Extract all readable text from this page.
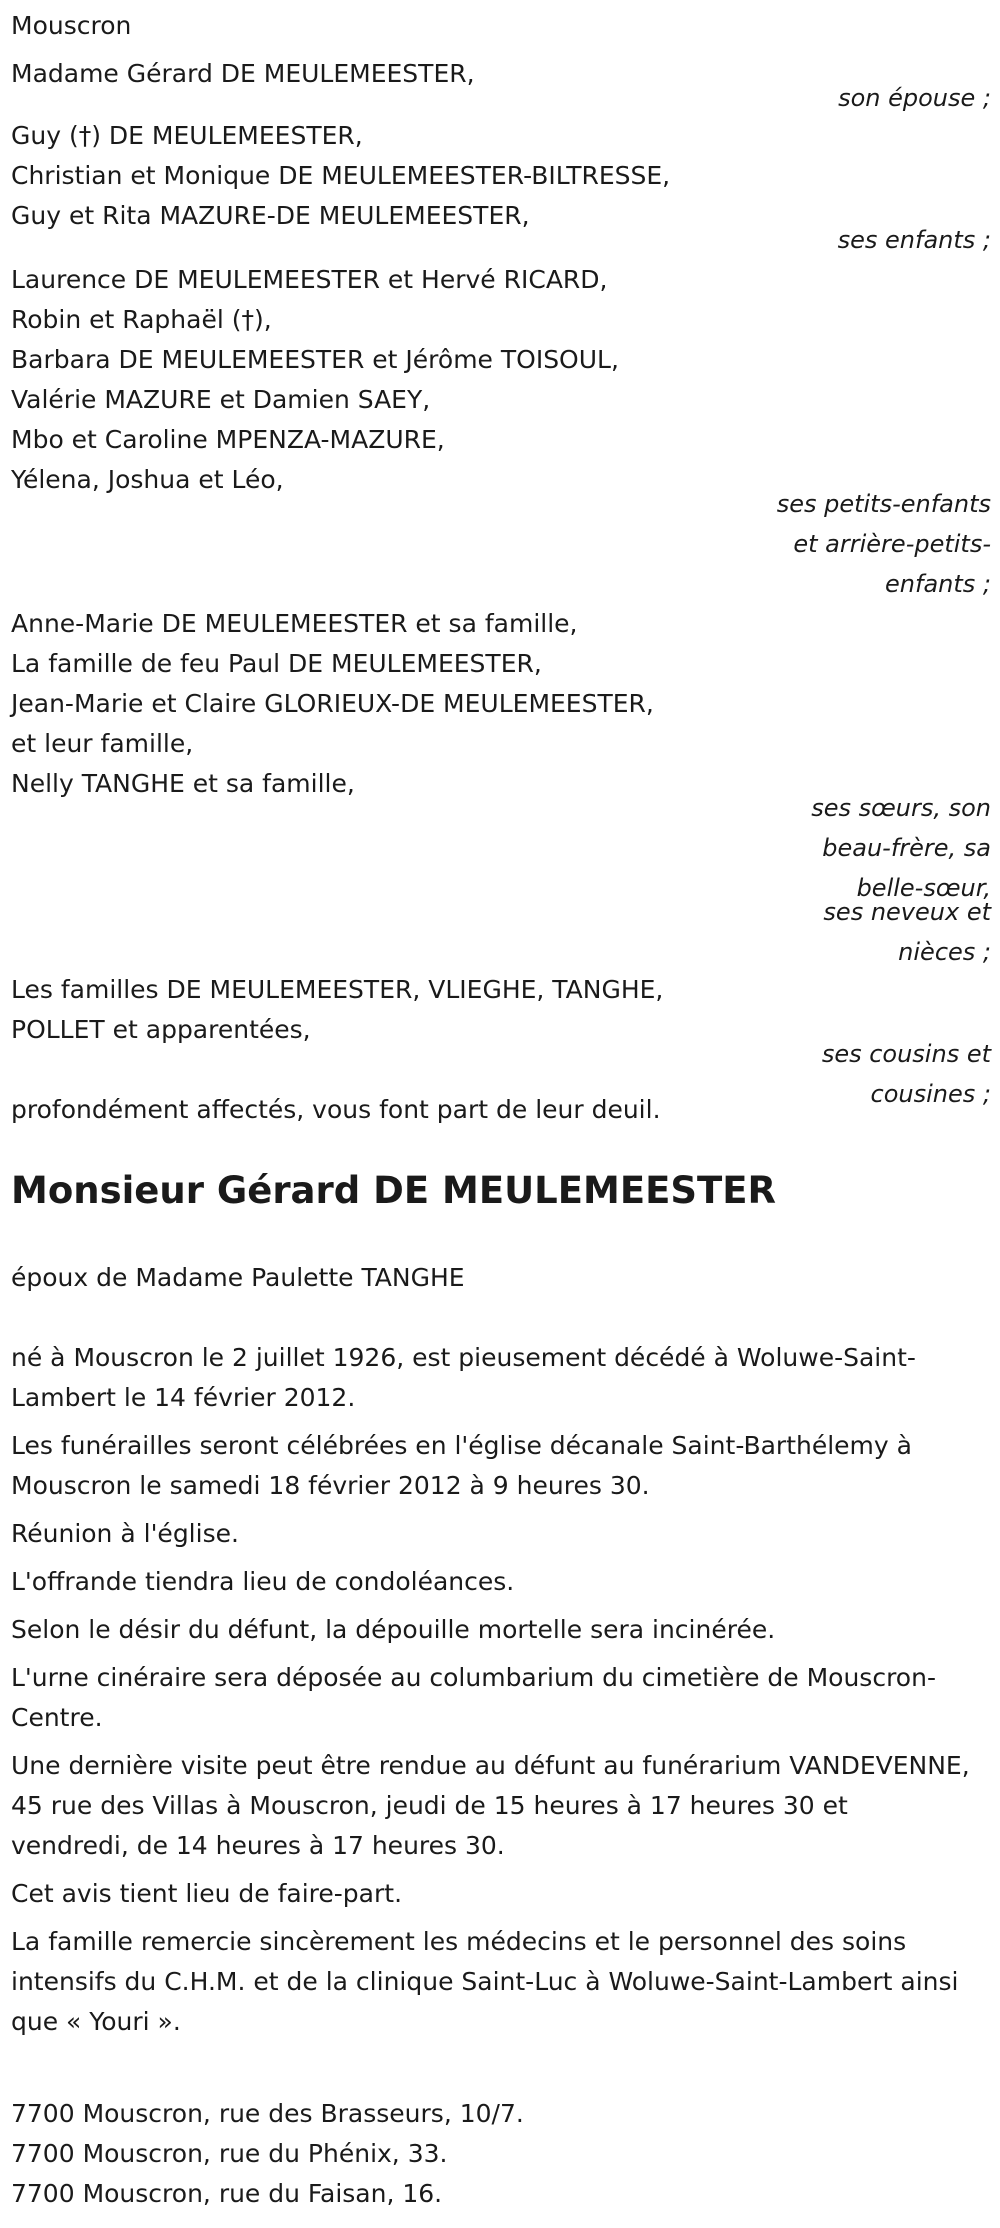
Mouscron
Madame Gérard DE MEULEMEESTER,
son épouse ;
Guy (†) DE MEULEMEESTER,
Christian et Monique DE MEULEMEESTER-BILTRESSE,
Guy et Rita MAZURE-DE MEULEMEESTER,
ses enfants ;
Laurence DE MEULEMEESTER et Hervé RICARD,
Robin et Raphaël (†),
Barbara DE MEULEMEESTER et Jérôme TOISOUL,
Valérie MAZURE et Damien SAEY,
Mbo et Caroline MPENZA-MAZURE,
Yélena, Joshua et Léo,
ses petits-enfants et arrière-petits-enfants ;
Anne-Marie DE MEULEMEESTER et sa famille,
La famille de feu Paul DE MEULEMEESTER,
Jean-Marie et Claire GLORIEUX-DE MEULEMEESTER,
et leur famille,
Nelly TANGHE et sa famille,
ses sœurs, son beau-frère, sa belle-sœur,
ses neveux et nièces ;
Les familles DE MEULEMEESTER, VLIEGHE, TANGHE,
POLLET et apparentées,
ses cousins et cousines ;
profondément affectés, vous font part de leur deuil.
Monsieur Gérard DE MEULEMEESTER
époux de Madame Paulette TANGHE

né à Mouscron le 2 juillet 1926, est pieusement décédé à Woluwe-Saint-Lambert le 14 février 2012.

Les funérailles seront célébrées en l'église décanale Saint-Barthélemy à Mouscron le samedi 18 février 2012 à 9 heures 30.

Réunion à l'église.

L'offrande tiendra lieu de condoléances.

Selon le désir du défunt, la dépouille mortelle sera incinérée.

L'urne cinéraire sera déposée au columbarium du cimetière de Mouscron-Centre.

Une dernière visite peut être rendue au défunt au funérarium VANDEVENNE, 45 rue des Villas à Mouscron, jeudi de 15 heures à 17 heures 30 et vendredi, de 14 heures à 17 heures 30.

Cet avis tient lieu de faire-part.

La famille remercie sincèrement les médecins et le personnel des soins intensifs du C.H.M. et de la clinique Saint-Luc à Woluwe-Saint-Lambert ainsi que « Youri ».

7700 Mouscron, rue des Brasseurs, 10/7.
7700 Mouscron, rue du Phénix, 33.
7700 Mouscron, rue du Faisan, 16.
